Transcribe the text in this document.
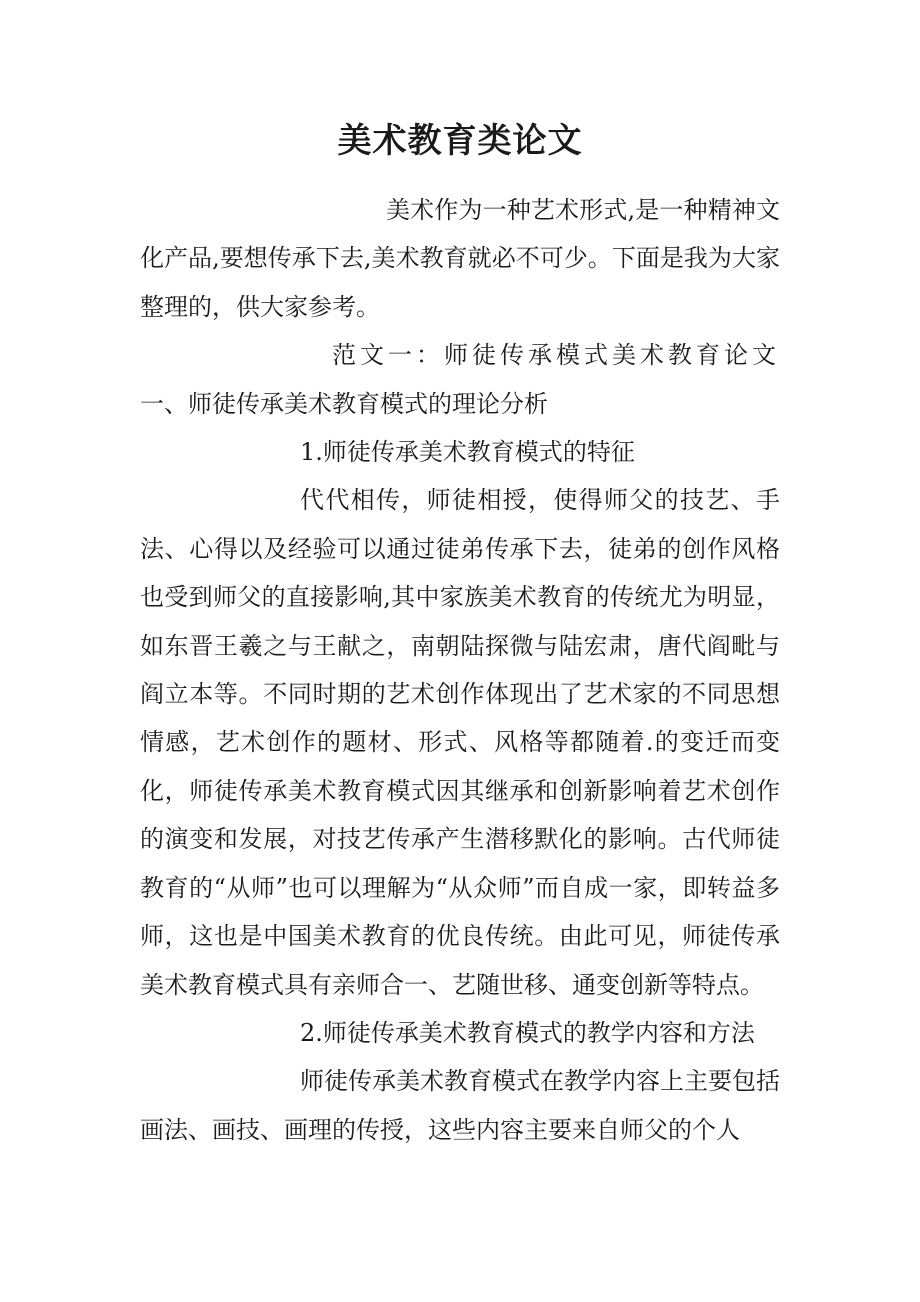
美术教育类论文

美术作为一种艺术形式,是一种精神文化产品,要想传承下去,美术教育就必不可少。下面是我为大家整理的，供大家参考。

范文一：师徒传承模式美术教育论文

一、师徒传承美术教育模式的理论分析

1.师徒传承美术教育模式的特征

代代相传，师徒相授，使得师父的技艺、手法、心得以及经验可以通过徒弟传承下去，徒弟的创作风格也受到师父的直接影响,其中家族美术教育的传统尤为明显，如东晋王羲之与王献之，南朝陆探微与陆宏肃，唐代阎毗与阎立本等。不同时期的艺术创作体现出了艺术家的不同思想情感，艺术创作的题材、形式、风格等都随着.的变迁而变化，师徒传承美术教育模式因其继承和创新影响着艺术创作的演变和发展，对技艺传承产生潜移默化的影响。古代师徒教育的“从师”也可以理解为“从众师”而自成一家，即转益多师，这也是中国美术教育的优良传统。由此可见，师徒传承美术教育模式具有亲师合一、艺随世移、通变创新等特点。

2.师徒传承美术教育模式的教学内容和方法

师徒传承美术教育模式在教学内容上主要包括画法、画技、画理的传授，这些内容主要来自师父的个人
